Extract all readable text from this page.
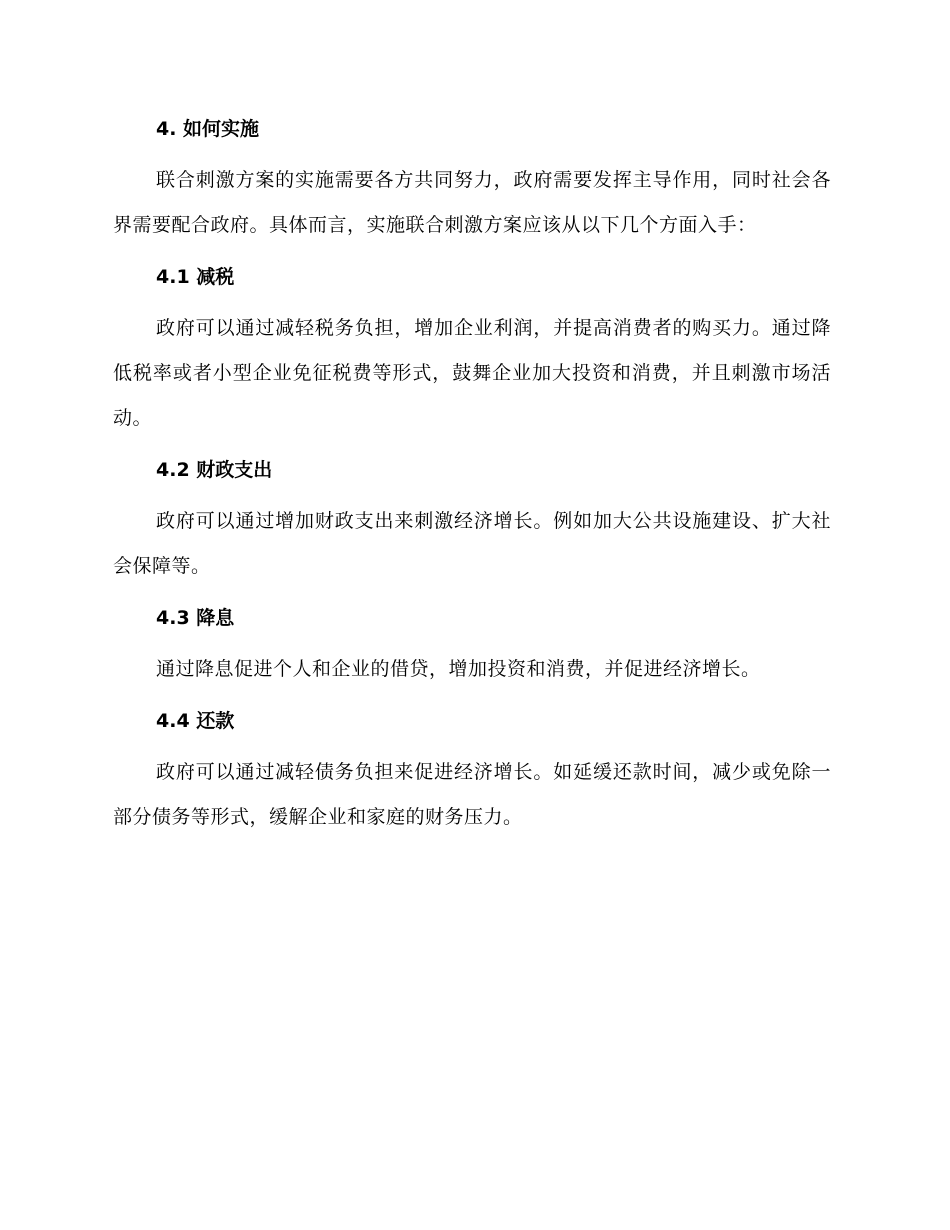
4. 如何实施

联合刺激方案的实施需要各方共同努力，政府需要发挥主导作用，同时社会各界需要配合政府。具体而言，实施联合刺激方案应该从以下几个方面入手：

4.1 减税

政府可以通过减轻税务负担，增加企业利润，并提高消费者的购买力。通过降低税率或者小型企业免征税费等形式，鼓舞企业加大投资和消费，并且刺激市场活动。

4.2 财政支出

政府可以通过增加财政支出来刺激经济增长。例如加大公共设施建设、扩大社会保障等。

4.3 降息

通过降息促进个人和企业的借贷，增加投资和消费，并促进经济增长。

4.4 还款

政府可以通过减轻债务负担来促进经济增长。如延缓还款时间，减少或免除一部分债务等形式，缓解企业和家庭的财务压力。
